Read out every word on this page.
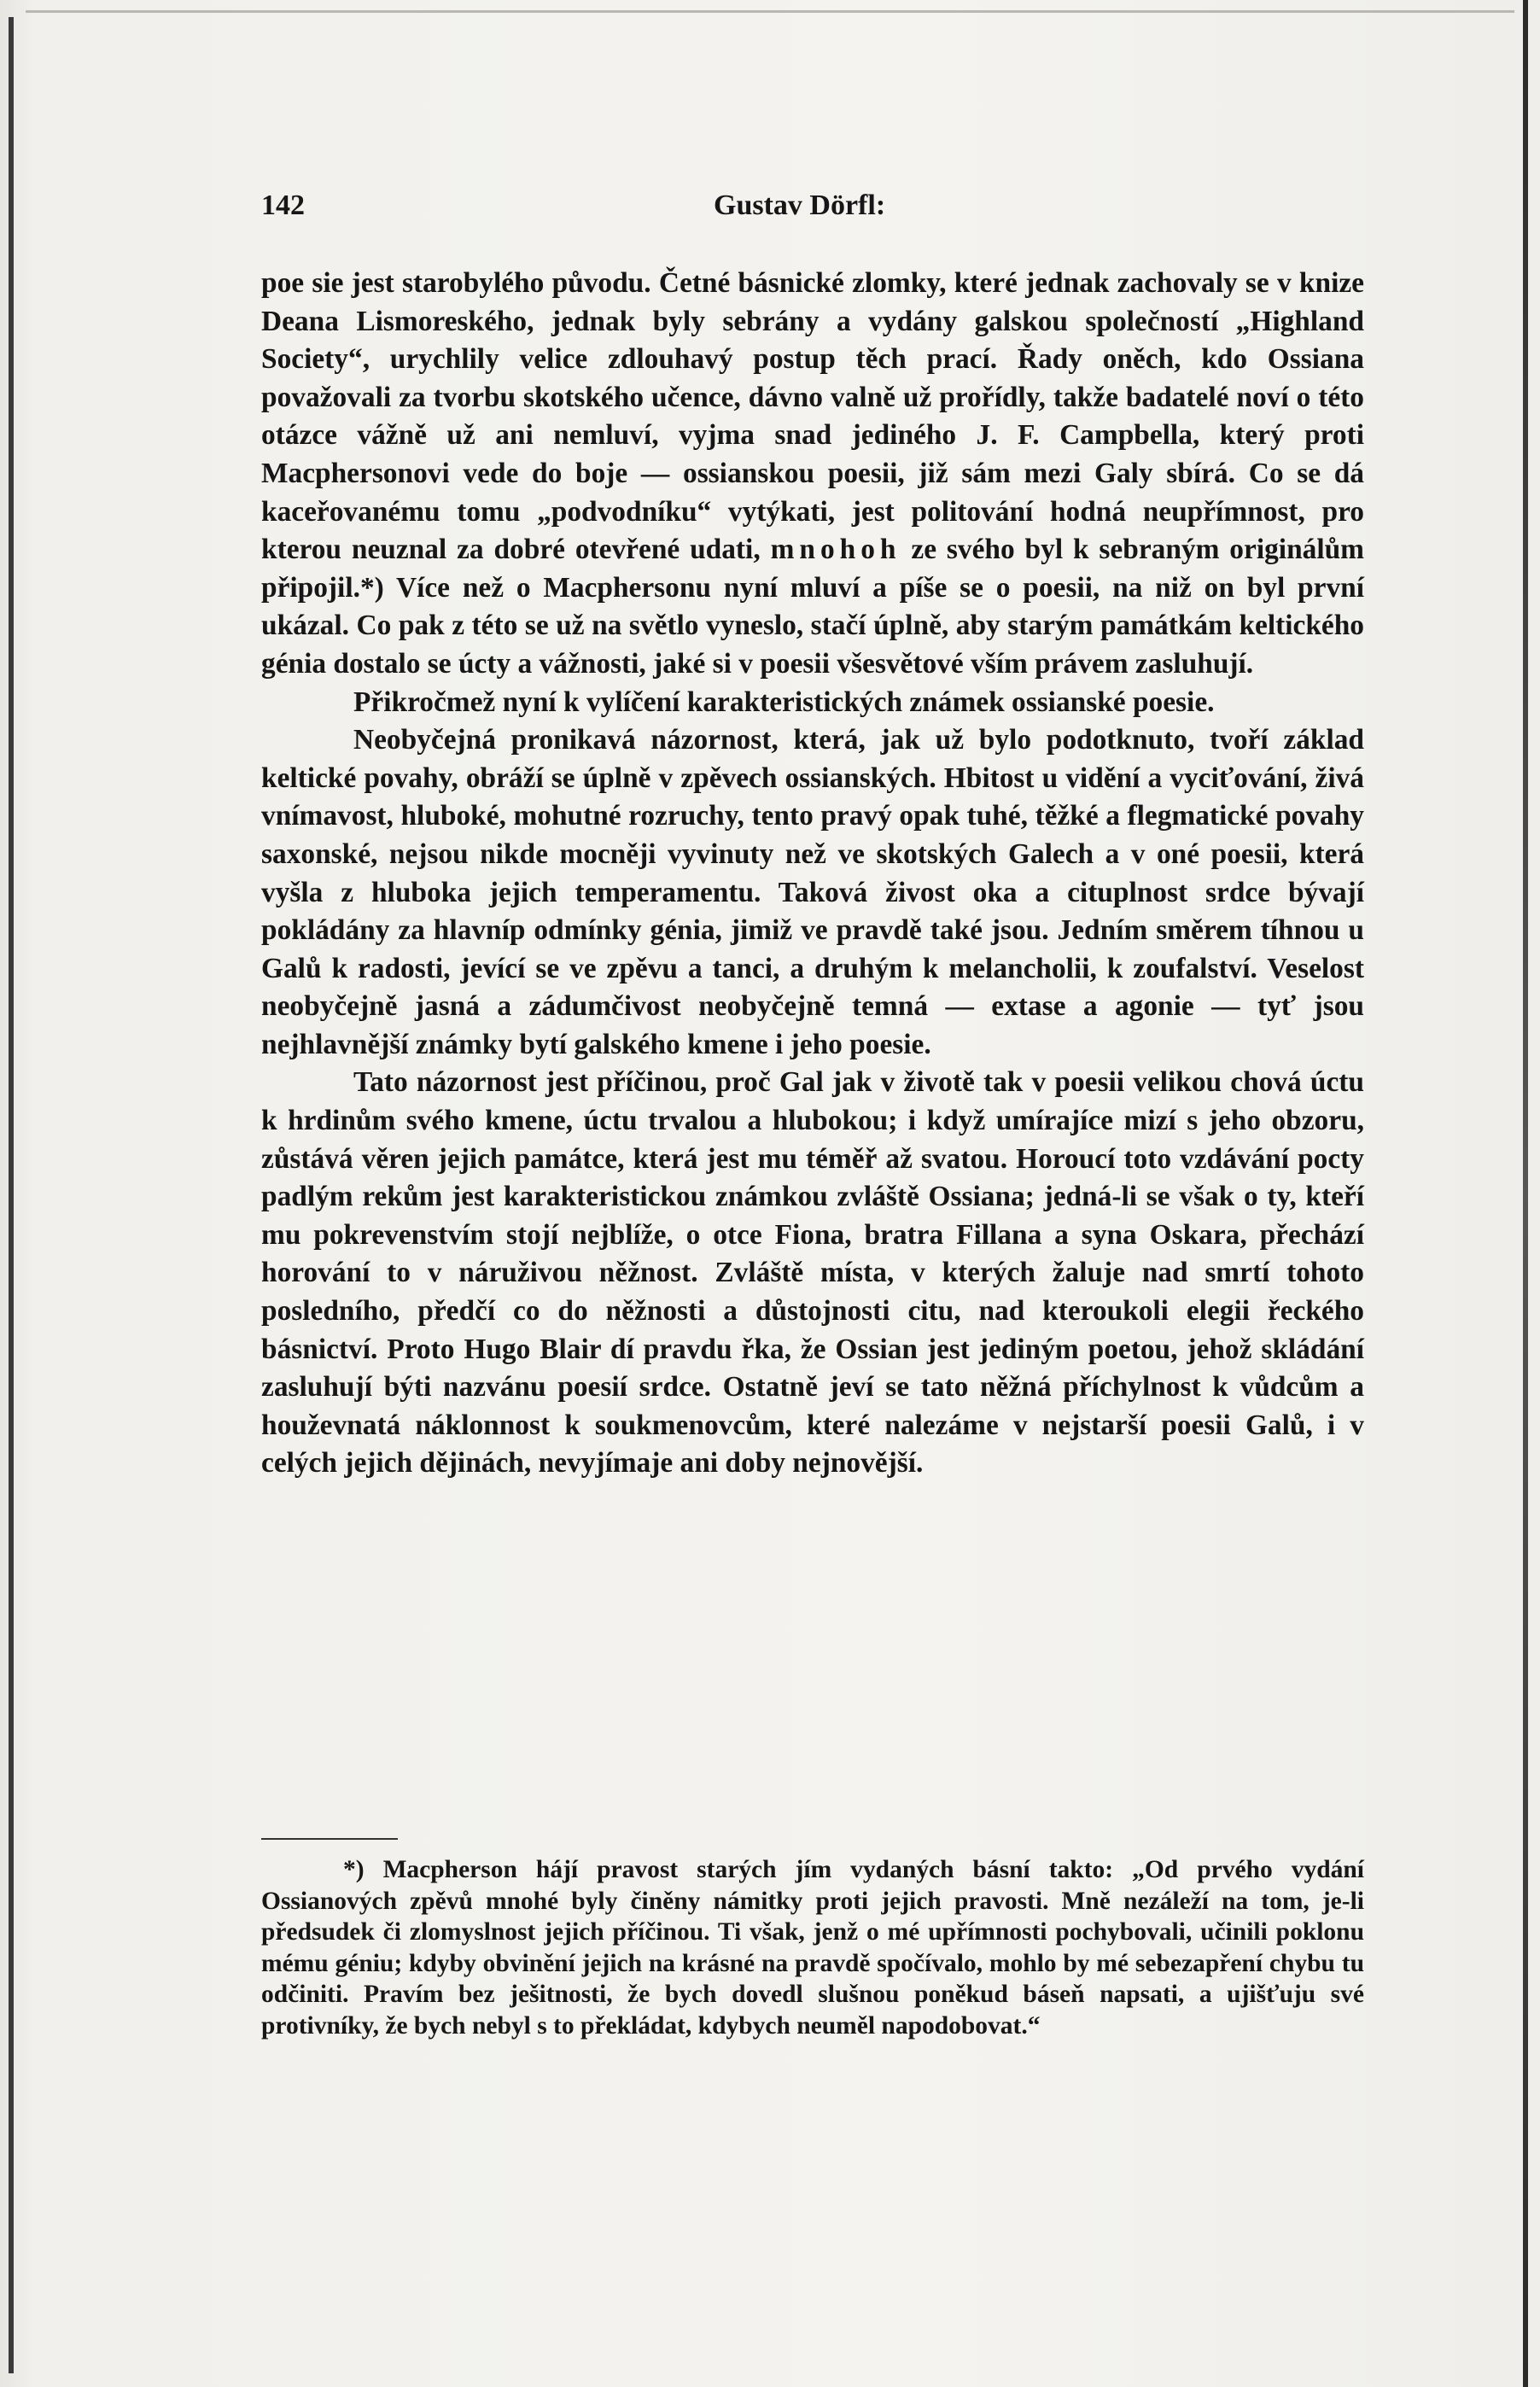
142	Gustav Dörfl:

poe sie jest starobylého původu. Četné básnické zlomky, které jednak zachovaly se v knize Deana Lismoreského, jednak byly sebrány a vydány galskou společností „Highland Society“, urychlily velice zdlouhavý postup těch prací. Řady oněch, kdo Ossiana považovali za tvorbu skotského učence, dávno valně už prořídly, takže badatelé noví o této otázce vážně už ani nemluví, vyjma snad jediného J. F. Campbella, který proti Macphersonovi vede do boje — ossianskou poesii, již sám mezi Galy sbírá. Co se dá kaceřovanému tomu „podvodníku“ vytýkati, jest politování hodná neupřímnost, pro kterou neuznal za dobré otevřené udati, mnohoh ze svého byl k sebraným originálům připojil.*) Více než o Macphersonu nyní mluví a píše se o poesii, na niž on byl první ukázal. Co pak z této se už na světlo vyneslo, stačí úplně, aby starým památkám keltického génia dostalo se úcty a vážnosti, jaké si v poesii všesvětové vším právem zasluhují.

Přikročmež nyní k vylíčení karakteristických známek ossianské poesie.

Neobyčejná pronikavá názornost, která, jak už bylo podotknuto, tvoří základ keltické povahy, obráží se úplně v zpěvech ossianských. Hbitost u vidění a vyciťování, živá vnímavost, hluboké, mohutné rozruchy, tento pravý opak tuhé, těžké a flegmatické povahy saxonské, nejsou nikde mocněji vyvinuty než ve skotských Galech a v oné poesii, která vyšla z hluboka jejich temperamentu. Taková živost oka a cituplnost srdce bývají pokládány za hlavníp odmínky génia, jimiž ve pravdě také jsou. Jedním směrem tíhnou u Galů k radosti, jevící se ve zpěvu a tanci, a druhým k melancholii, k zoufalství. Veselost neobyčejně jasná a zádumčivost neobyčejně temná — extase a agonie — tyť jsou nejhlavnější známky bytí galského kmene i jeho poesie.

Tato názornost jest příčinou, proč Gal jak v životě tak v poesii velikou chová úctu k hrdinům svého kmene, úctu trvalou a hlubokou; i když umírajíce mizí s jeho obzoru, zůstává věren jejich památce, která jest mu téměř až svatou. Horoucí toto vzdávání pocty padlým rekům jest karakteristickou známkou zvláště Ossiana; jedná-li se však o ty, kteří mu pokrevenstvím stojí nejblíže, o otce Fiona, bratra Fillana a syna Oskara, přechází horování to v náruživou něžnost. Zvláště místa, v kterých žaluje nad smrtí tohoto posledního, předčí co do něžnosti a důstojnosti citu, nad kteroukoli elegii řeckého básnictví. Proto Hugo Blair dí pravdu řka, že Ossian jest jediným poetou, jehož skládání zasluhují býti nazvánu poesií srdce. Ostatně jeví se tato něžná příchylnost k vůdcům a houževnatá náklonnost k soukmenovcům, které nalezáme v nejstarší poesii Galů, i v celých jejich dějinách, nevyjímaje ani doby nejnovější.

*) Macpherson hájí pravost starých jím vydaných básní takto: „Od prvého vydání Ossianových zpěvů mnohé byly činěny námitky proti jejich pravosti. Mně nezáleží na tom, je-li předsudek či zlomyslnost jejich příčinou. Ti však, jenž o mé upřímnosti pochybovali, učinili poklonu mému géniu; kdyby obvinění jejich na krásné na pravdě spočívalo, mohlo by mé sebezapření chybu tu odčiniti. Pravím bez ješitnosti, že bych dovedl slušnou poněkud báseň napsati, a ujišťuju své protivníky, že bych nebyl s to překládat, kdybych neuměl napodobovat.“
